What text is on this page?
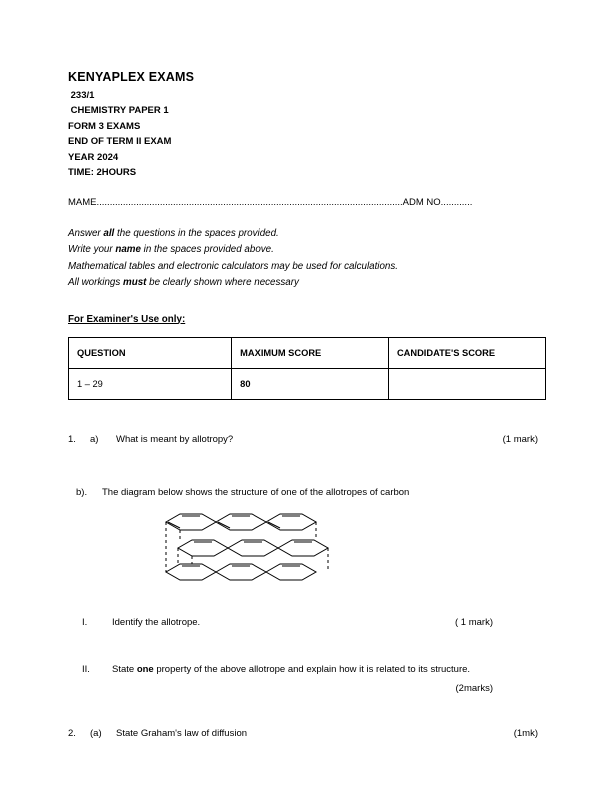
KENYAPLEX EXAMS
233/1
CHEMISTRY PAPER 1
FORM 3 EXAMS
END OF TERM II EXAM
YEAR 2024
TIME: 2HOURS
MAME....................................................................................................................ADM NO............
Answer all the questions in the spaces provided.
Write your name in the spaces provided above.
Mathematical tables and electronic calculators may be used for calculations.
All workings must be clearly shown where necessary
For Examiner's Use only:
QUESTION	MAXIMUM SCORE	CANDIDATE'S SCORE
1 – 29	80	
1.	a)	What is meant by allotropy?	(1 mark)
b).	The diagram below shows the structure of one of the allotropes of carbon
I.	Identify the allotrope.	( 1 mark)
II.	State one property of the above allotrope and explain how it is related to its structure.
(2marks)
2.	(a)	State Graham's law of diffusion	(1mk)
